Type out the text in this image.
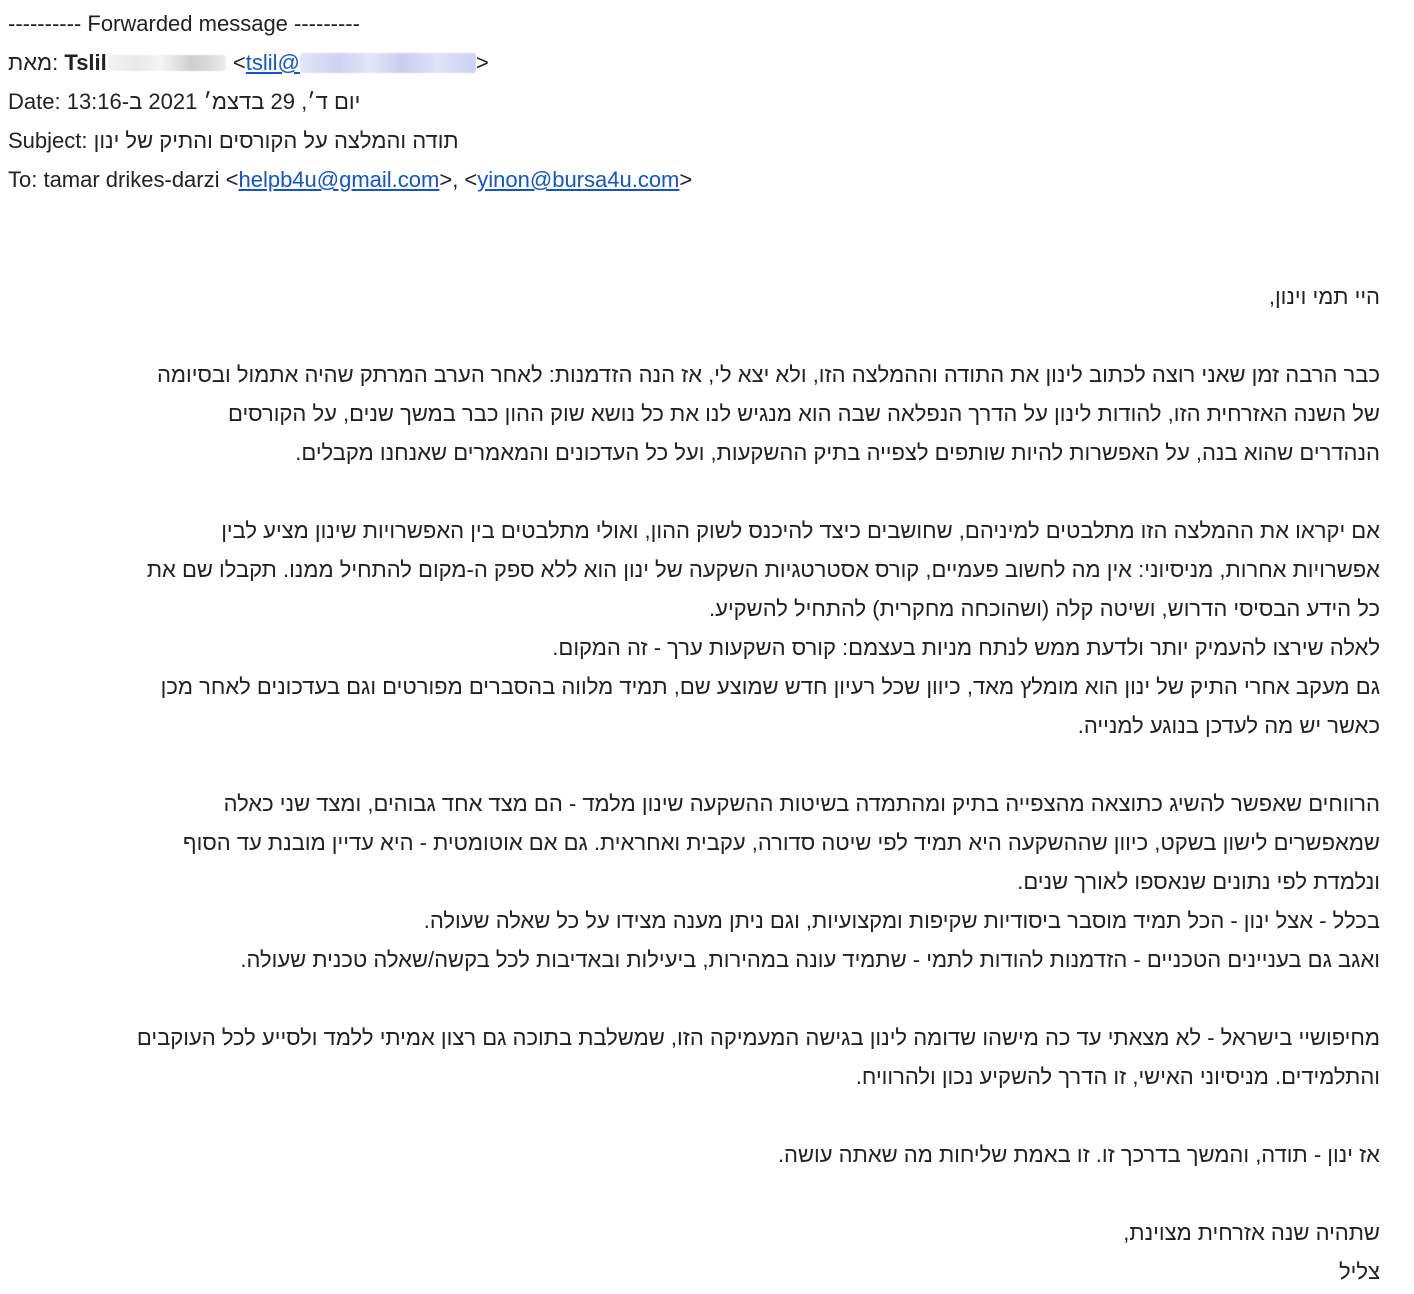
---------- Forwarded message ---------
מאת: Tslil	<tslil@	>
Date: יום ד׳, 29 בדצמ׳ 2021 ב-13:16
Subject: תודה והמלצה על הקורסים והתיק של ינון
To: tamar drikes-darzi <helpb4u@gmail.com>, <yinon@bursa4u.com>
היי תמי וינון,
כבר הרבה זמן שאני רוצה לכתוב לינון את התודה וההמלצה הזו, ולא יצא לי, אז הנה הזדמנות: לאחר הערב המרתק שהיה אתמול ובסיומה
של השנה האזרחית הזו, להודות לינון על הדרך הנפלאה שבה הוא מנגיש לנו את כל נושא שוק ההון כבר במשך שנים, על הקורסים
הנהדרים שהוא בנה, על האפשרות להיות שותפים לצפייה בתיק ההשקעות, ועל כל העדכונים והמאמרים שאנחנו מקבלים.
אם יקראו את ההמלצה הזו מתלבטים למיניהם, שחושבים כיצד להיכנס לשוק ההון, ואולי מתלבטים בין האפשרויות שינון מציע לבין
אפשרויות אחרות, מניסיוני: אין מה לחשוב פעמיים, קורס אסטרטגיות השקעה של ינון הוא ללא ספק ה-מקום להתחיל ממנו. תקבלו שם את
כל הידע הבסיסי הדרוש, ושיטה קלה (ושהוכחה מחקרית) להתחיל להשקיע.
לאלה שירצו להעמיק יותר ולדעת ממש לנתח מניות בעצמם: קורס השקעות ערך - זה המקום.
גם מעקב אחרי התיק של ינון הוא מומלץ מאד, כיוון שכל רעיון חדש שמוצע שם, תמיד מלווה בהסברים מפורטים וגם בעדכונים לאחר מכן
כאשר יש מה לעדכן בנוגע למנייה.
הרווחים שאפשר להשיג כתוצאה מהצפייה בתיק ומהתמדה בשיטות ההשקעה שינון מלמד - הם מצד אחד גבוהים, ומצד שני כאלה
שמאפשרים לישון בשקט, כיוון שההשקעה היא תמיד לפי שיטה סדורה, עקבית ואחראית. גם אם אוטומטית - היא עדיין מובנת עד הסוף
ונלמדת לפי נתונים שנאספו לאורך שנים.
בכלל - אצל ינון - הכל תמיד מוסבר ביסודיות שקיפות ומקצועיות, וגם ניתן מענה מצידו על כל שאלה שעולה.
ואגב גם בעניינים הטכניים - הזדמנות להודות לתמי - שתמיד עונה במהירות, ביעילות ובאדיבות לכל בקשה/שאלה טכנית שעולה.
מחיפושיי בישראל - לא מצאתי עד כה מישהו שדומה לינון בגישה המעמיקה הזו, שמשלבת בתוכה גם רצון אמיתי ללמד ולסייע לכל העוקבים
והתלמידים. מניסיוני האישי, זו הדרך להשקיע נכון ולהרוויח.
אז ינון - תודה, והמשך בדרכך זו. זו באמת שליחות מה שאתה עושה.
שתהיה שנה אזרחית מצוינת,
צליל
